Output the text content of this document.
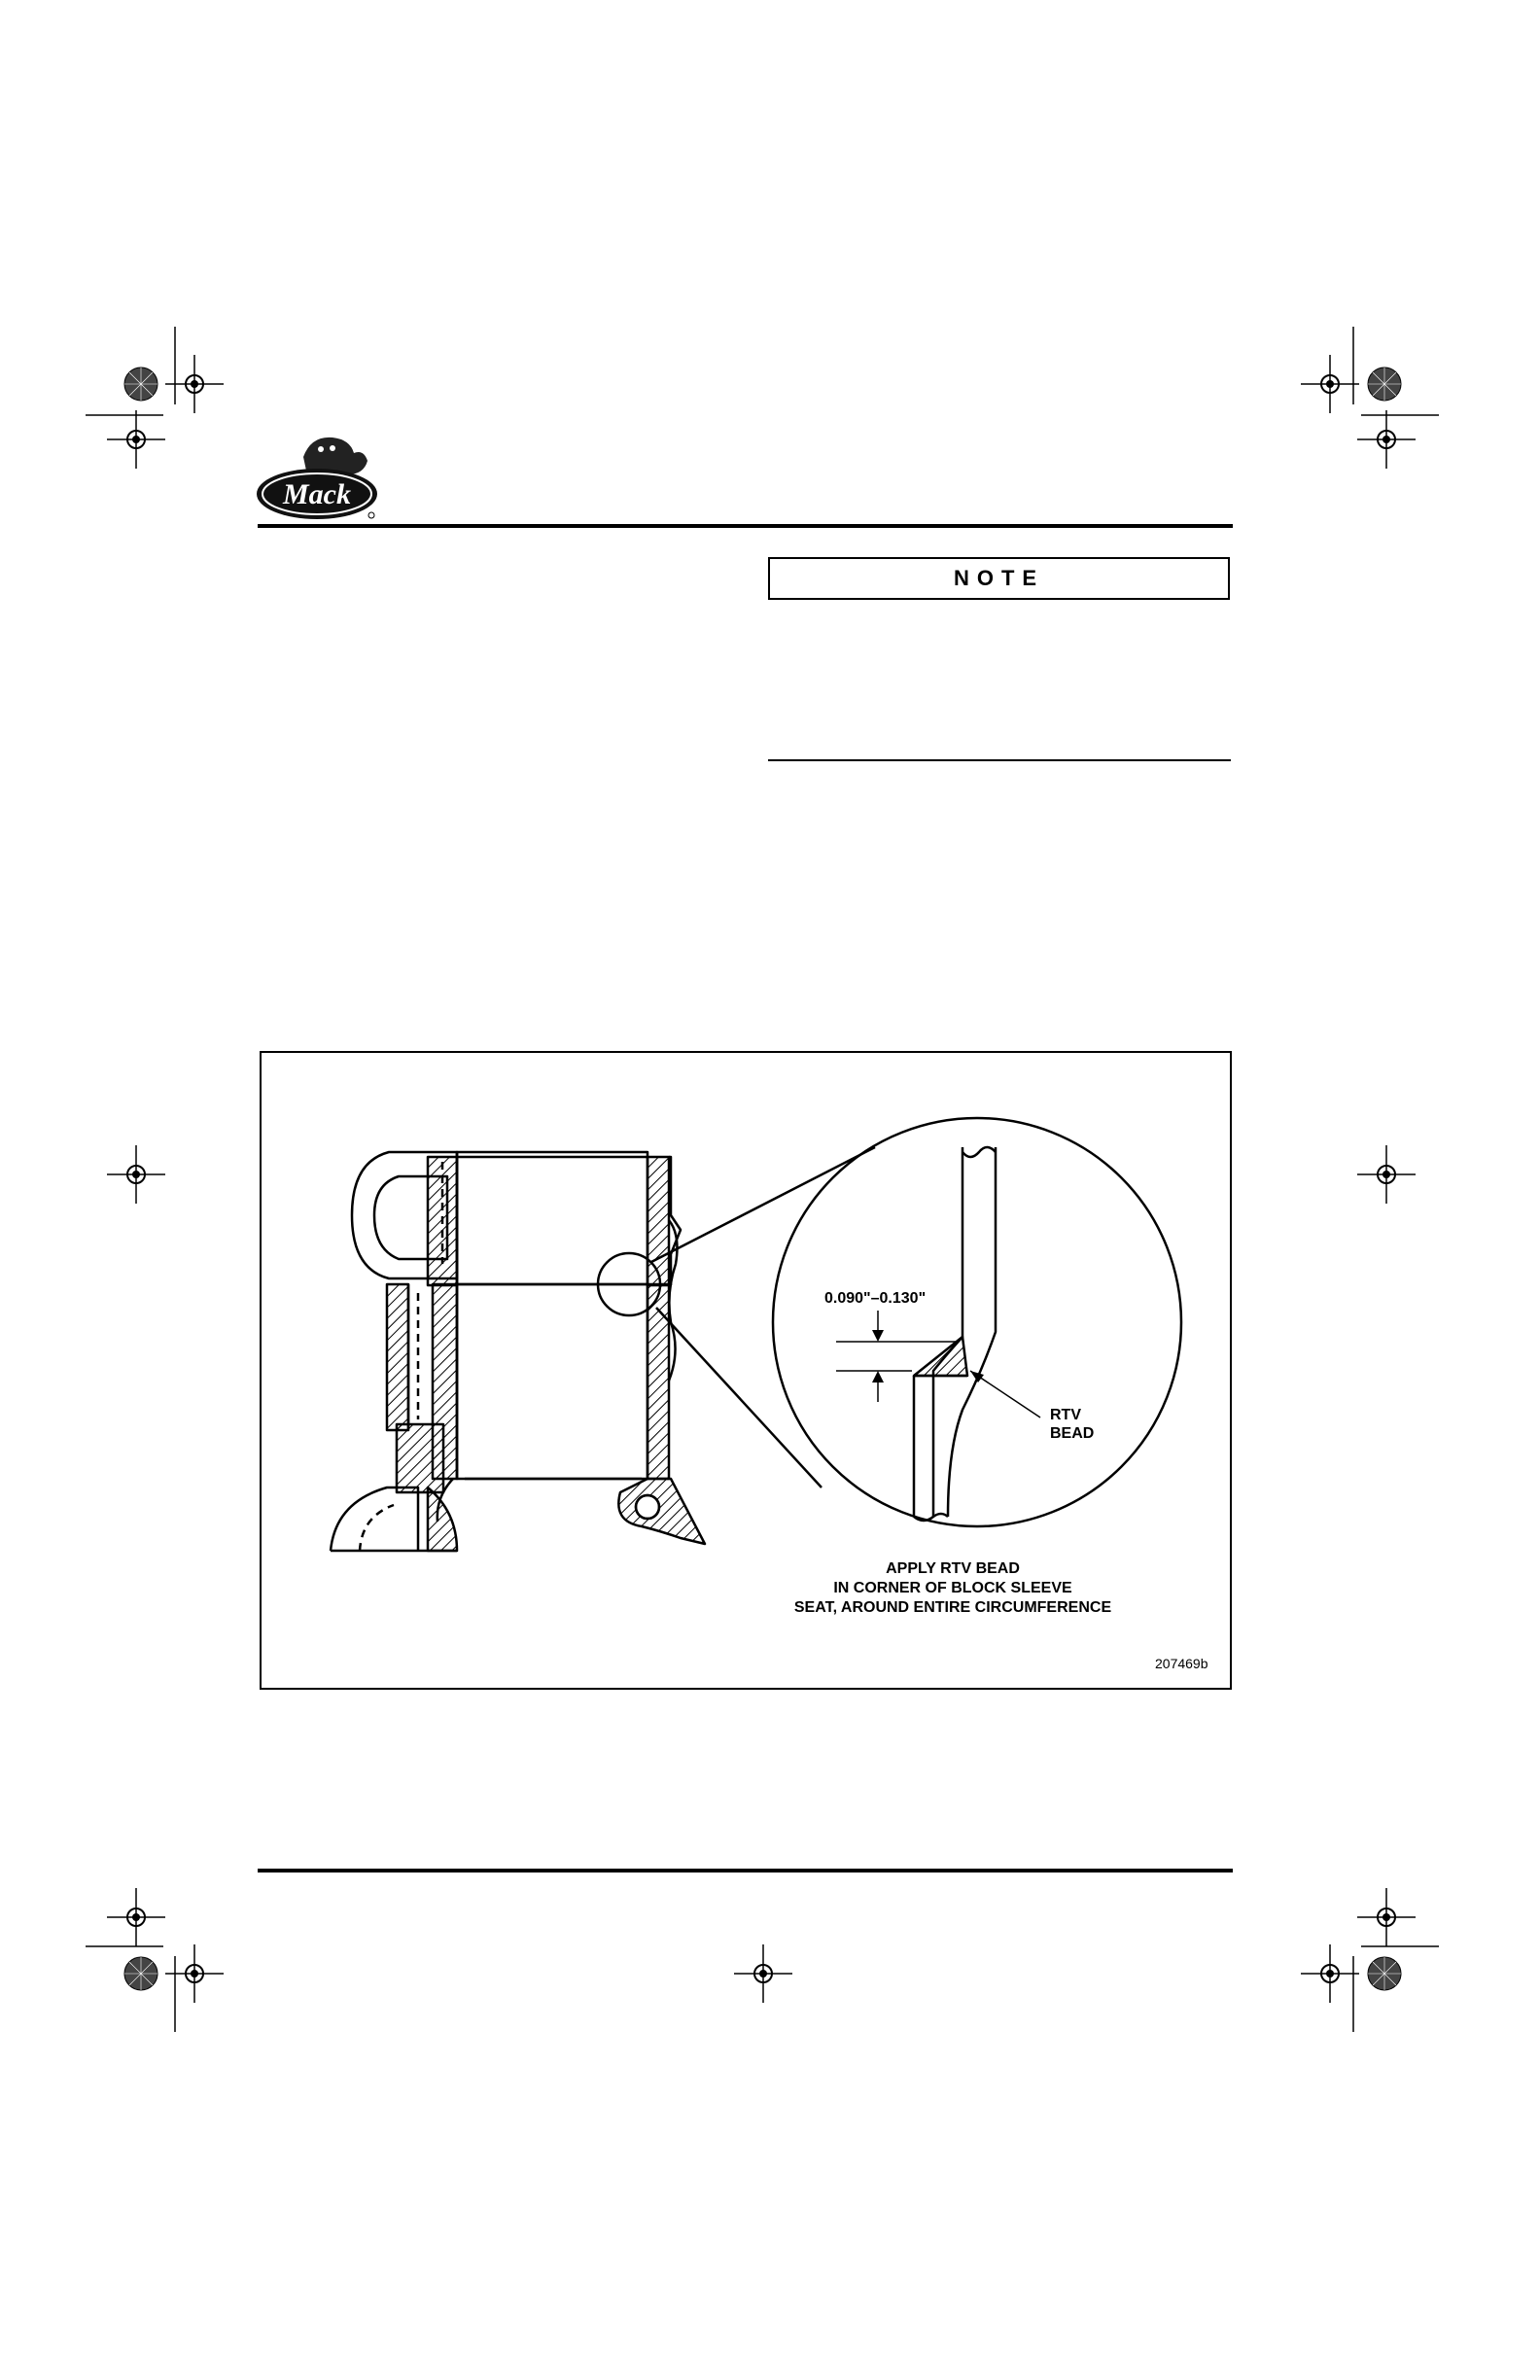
Mack
NOTE
0.090"–0.130"
RTV
BEAD
APPLY RTV BEAD
IN CORNER OF BLOCK SLEEVE
SEAT, AROUND ENTIRE CIRCUMFERENCE
207469b
